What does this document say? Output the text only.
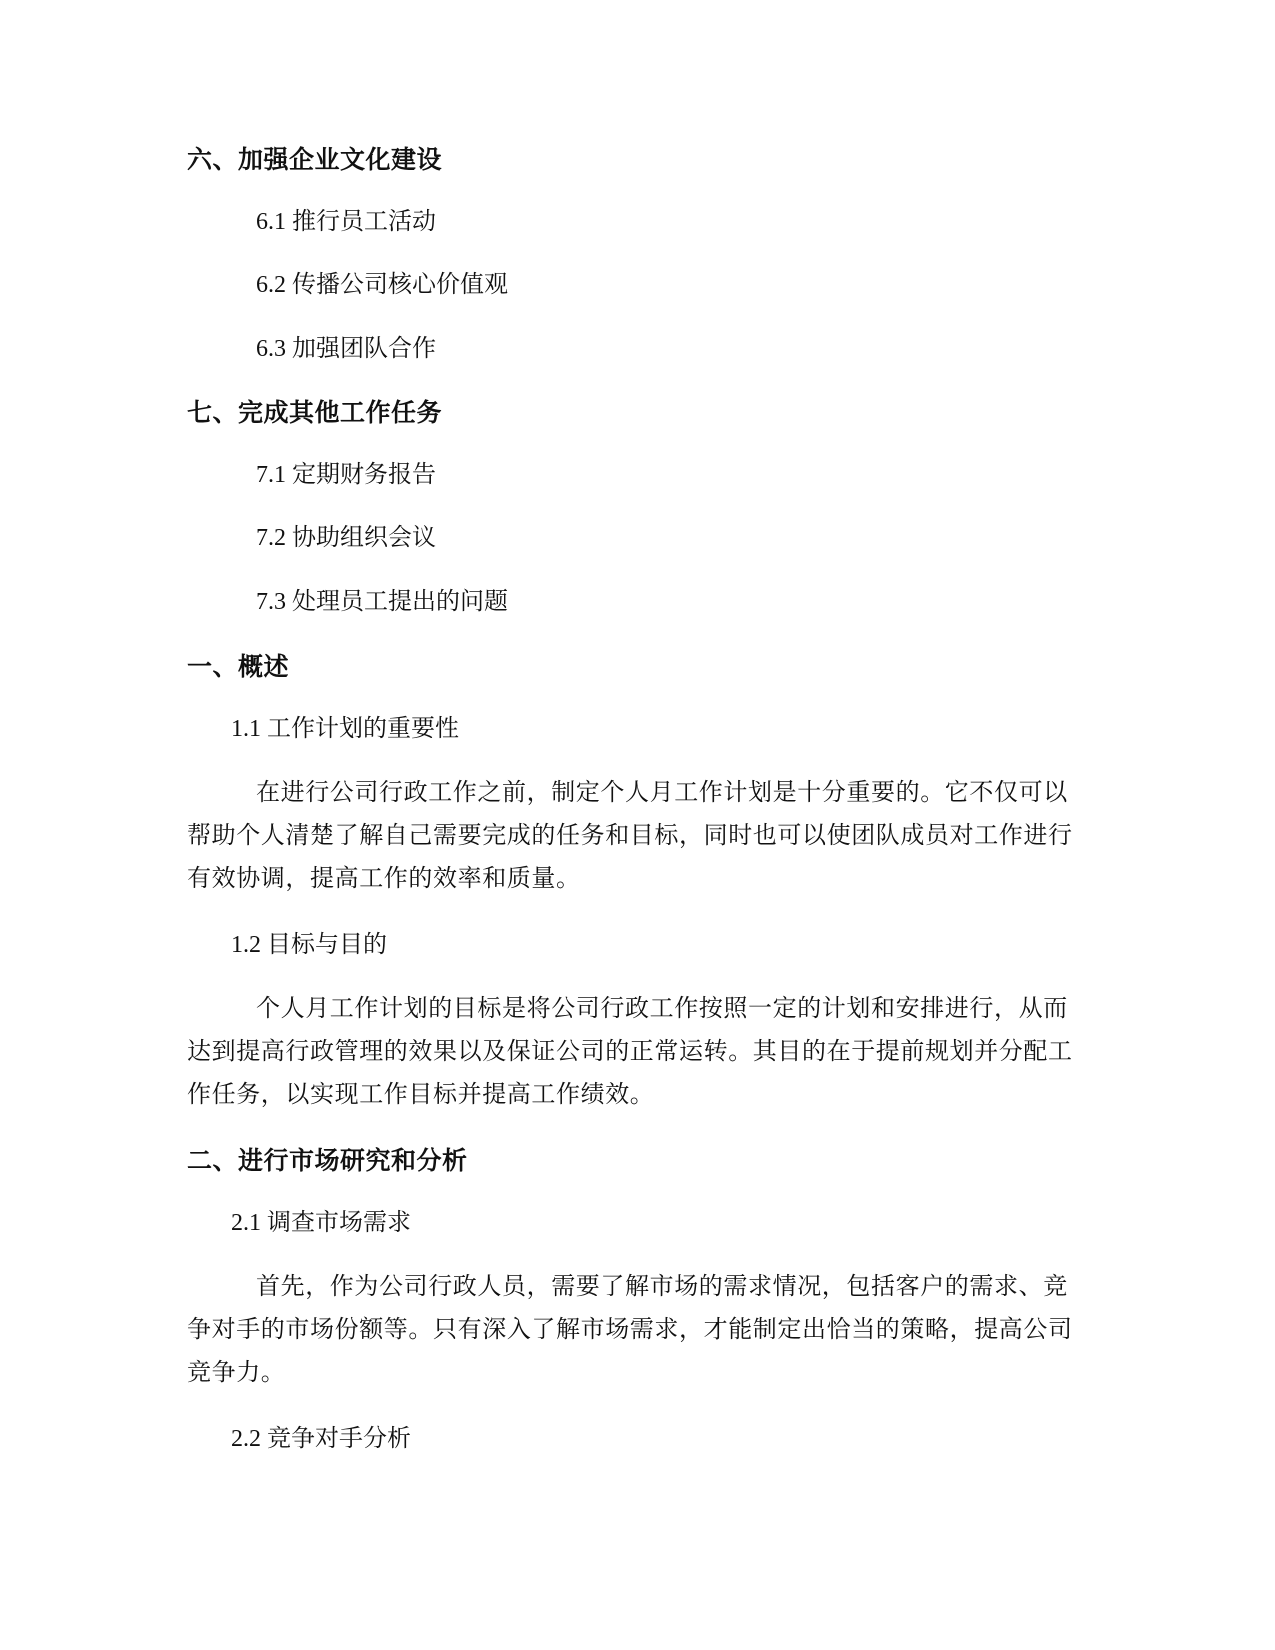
六、加强企业文化建设

6.1 推行员工活动

6.2 传播公司核心价值观

6.3 加强团队合作

七、完成其他工作任务

7.1 定期财务报告

7.2 协助组织会议

7.3 处理员工提出的问题

一、概述

1.1 工作计划的重要性

在进行公司行政工作之前，制定个人月工作计划是十分重要的。它不仅可以帮助个人清楚了解自己需要完成的任务和目标，同时也可以使团队成员对工作进行有效协调，提高工作的效率和质量。

1.2 目标与目的

个人月工作计划的目标是将公司行政工作按照一定的计划和安排进行，从而达到提高行政管理的效果以及保证公司的正常运转。其目的在于提前规划并分配工作任务，以实现工作目标并提高工作绩效。

二、进行市场研究和分析

2.1 调查市场需求

首先，作为公司行政人员，需要了解市场的需求情况，包括客户的需求、竞争对手的市场份额等。只有深入了解市场需求，才能制定出恰当的策略，提高公司竞争力。

2.2 竞争对手分析
